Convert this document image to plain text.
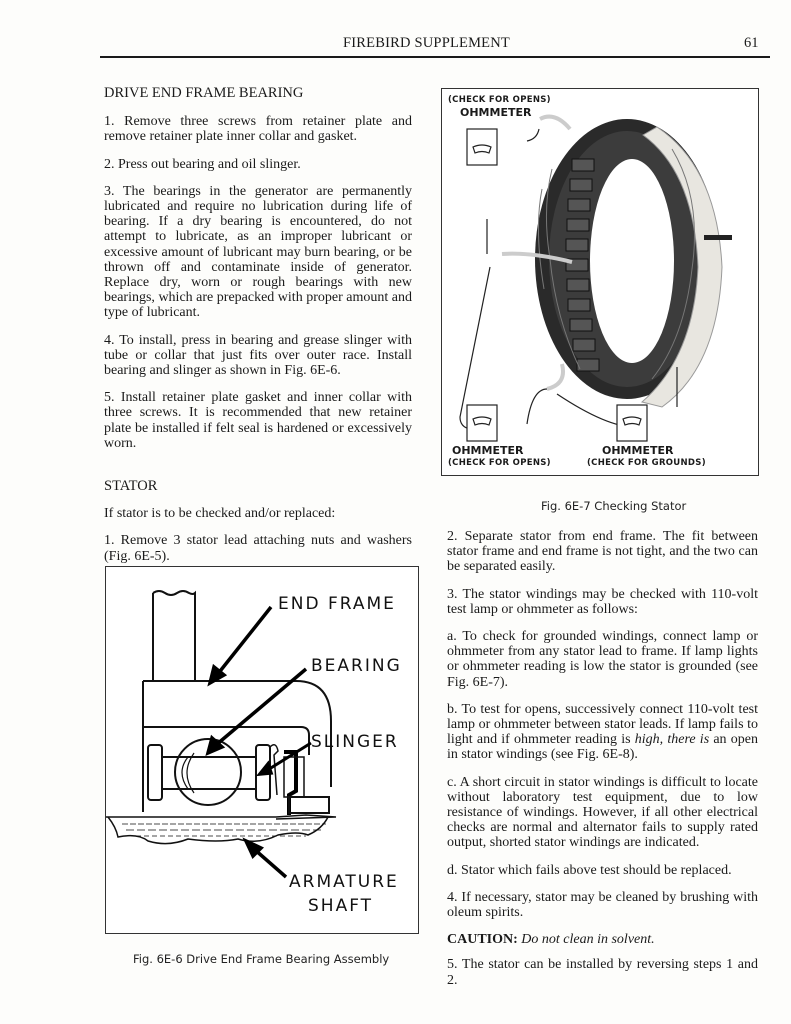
FIREBIRD SUPPLEMENT	61

DRIVE END FRAME BEARING

1. Remove three screws from retainer plate and remove retainer plate inner collar and gasket.

2. Press out bearing and oil slinger.

3. The bearings in the generator are permanently lubricated and require no lubrication during life of bearing. If a dry bearing is encountered, do not attempt to lubricate, as an improper lubricant or excessive amount of lubricant may burn bearing, or be thrown off and contaminate inside of generator. Replace dry, worn or rough bearings with new bearings, which are prepacked with proper amount and type of lubricant.

4. To install, press in bearing and grease slinger with tube or collar that just fits over outer race. Install bearing and slinger as shown in Fig. 6E-6.

5. Install retainer plate gasket and inner collar with three screws. It is recommended that new retainer plate be installed if felt seal is hardened or excessively worn.

STATOR

If stator is to be checked and/or replaced:

1. Remove 3 stator lead attaching nuts and washers (Fig. 6E-5).

END FRAME
BEARING
SLINGER
ARMATURE
SHAFT
Fig. 6E-6 Drive End Frame Bearing Assembly
(CHECK FOR OPENS)
OHMMETER
OHMMETER
(CHECK FOR OPENS)
OHMMETER
(CHECK FOR GROUNDS)
Fig. 6E-7 Checking Stator

2. Separate stator from end frame. The fit between stator frame and end frame is not tight, and the two can be separated easily.

3. The stator windings may be checked with 110-volt test lamp or ohmmeter as follows:

a. To check for grounded windings, connect lamp or ohmmeter from any stator lead to frame. If lamp lights or ohmmeter reading is low the stator is grounded (see Fig. 6E-7).

b. To test for opens, successively connect 110-volt test lamp or ohmmeter between stator leads. If lamp fails to light and if ohmmeter reading is high, there is an open in stator windings (see Fig. 6E-8).

c. A short circuit in stator windings is difficult to locate without laboratory test equipment, due to low resistance of windings. However, if all other electrical checks are normal and alternator fails to supply rated output, shorted stator windings are indicated.

d. Stator which fails above test should be replaced.

4. If necessary, stator may be cleaned by brushing with oleum spirits.

CAUTION: Do not clean in solvent.

5. The stator can be installed by reversing steps 1 and 2.
